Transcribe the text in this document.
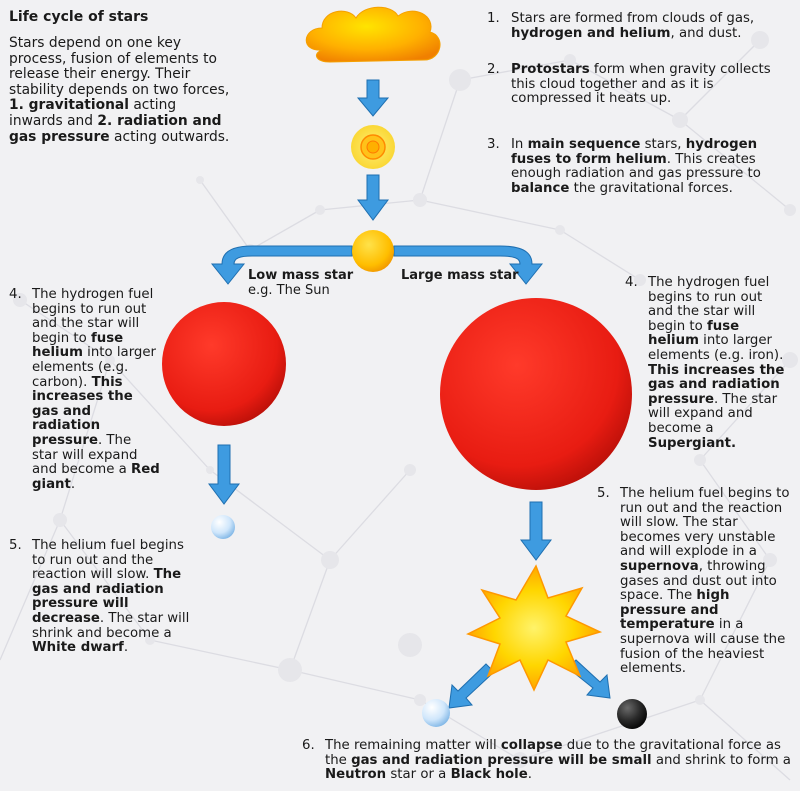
Life cycle of stars
Stars depend on one key process, fusion of elements to release their energy. Their stability depends on two forces, 1. gravitational acting inwards and 2. radiation and gas pressure acting outwards.
1. Stars are formed from clouds of gas, hydrogen and helium, and dust.
2. Protostars form when gravity collects this cloud together and as it is compressed it heats up.
3. In main sequence stars, hydrogen fuses to form helium. This creates enough radiation and gas pressure to balance the gravitational forces.
Low mass star
e.g. The Sun
Large mass star
4. The hydrogen fuel begins to run out and the star will begin to fuse helium into larger elements (e.g. carbon). This increases the gas and radiation pressure. The star will expand and become a Red giant.
4. The hydrogen fuel begins to run out and the star will begin to fuse helium into larger elements (e.g. iron). This increases the gas and radiation pressure. The star will expand and become a Supergiant.
5. The helium fuel begins to run out and the reaction will slow. The star becomes very unstable and will explode in a supernova, throwing gases and dust out into space. The high pressure and temperature in a supernova will cause the fusion of the heaviest elements.
5. The helium fuel begins to run out and the reaction will slow. The gas and radiation pressure will decrease. The star will shrink and become a White dwarf.
6. The remaining matter will collapse due to the gravitational force as the gas and radiation pressure will be small and shrink to form a Neutron star or a Black hole.
